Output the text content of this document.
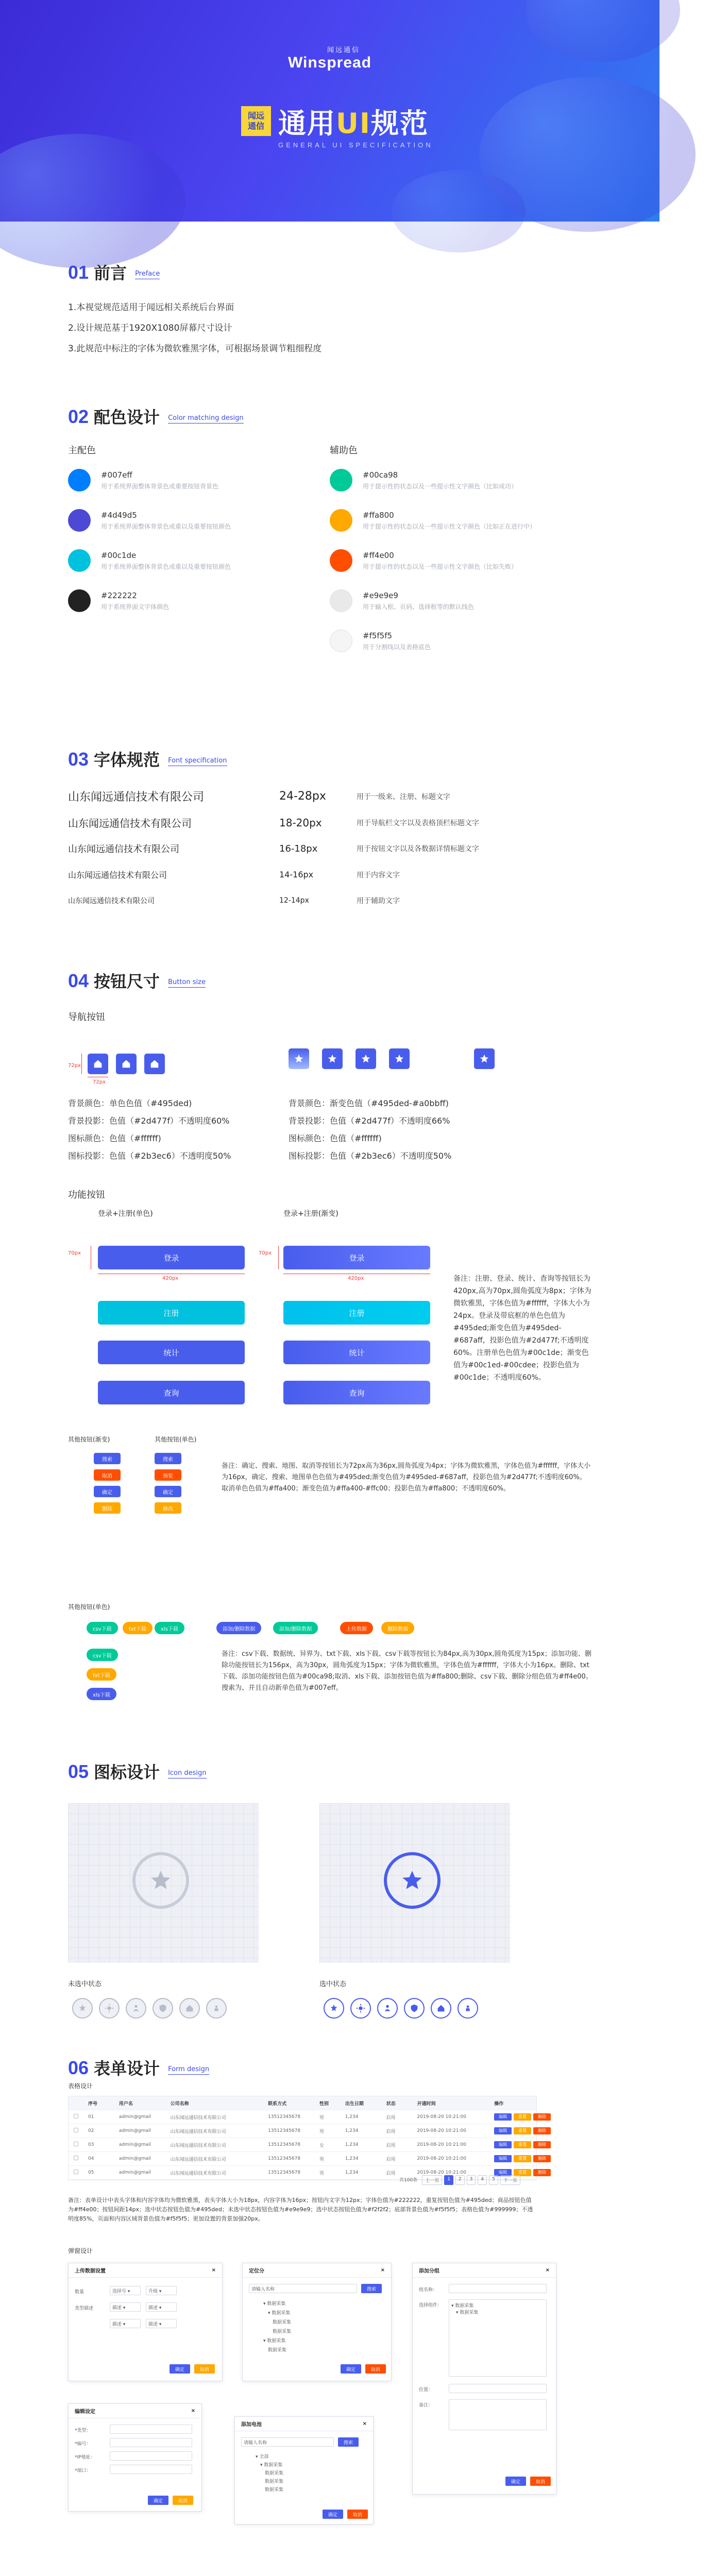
闻远通信
Winspread
闻远
通信 通用UI规范
GENERAL UI SPECIFICATION
01 前言 Preface
1.本视觉规范适用于闻远相关系统后台界面
2.设计规范基于1920X1080屏幕尺寸设计
3.此规范中标注的字体为微软雅黑字体，可根据场景调节粗细程度
02 配色设计 Color matching design
主配色	辅助色
#007eff
用于系统界面整体背景色或重要按钮背景色
#4d49d5
用于系统界面整体背景色或重以及重要按钮颜色
#00c1de
用于系统界面整体背景色或重以及重要按钮颜色
#222222
用于系统界面文字体颜色
#00ca98
用于提示性的状态以及一些提示性文字颜色（比如成功）
#ffa800
用于提示性的状态以及一些提示性文字颜色（比如正在进行中）
#ff4e00
用于提示性的状态以及一些提示性文字颜色（比如失败）
#e9e9e9
用于输入框、页码、选择框等的默认线色
#f5f5f5
用于分割线以及表格底色
03 字体规范 Font specification
山东闻远通信技术有限公司	24-28px	用于一级来、注册、标题文字
山东闻远通信技术有限公司	18-20px	用于导航栏文字以及表格顶栏标题文字
山东闻远通信技术有限公司	16-18px	用于按钮文字以及各数据详情标题文字
山东闻远通信技术有限公司	14-16px	用于内容文字
山东闻远通信技术有限公司	12-14px	用于辅助文字
04 按钮尺寸 Button size
导航按钮
72px
72px
背景颜色：单色色值（#495ded)
背景投影：色值（#2d477f）不透明度60%
图标颜色：色值（#ffffff)
图标投影：色值（#2b3ec6）不透明度50%
背景颜色：渐变色值（#495ded-#a0bbff)
背景投影：色值（#2d477f）不透明度66%
图标颜色：色值（#ffffff)
图标投影：色值（#2b3ec6）不透明度50%
功能按钮
登录+注册(单色)	登录+注册(渐变)
70px	70px
420px	420px
登录
注册
统计
查询
登录
注册
统计
查询
备注：注册、登录、统计、查询等按钮长为420px,高为70px,圆角弧度为8px；字体为微软雅黑，字体色值为#ffffff，字体大小为24px。登录及带底框的单色色值为#495ded;渐变色值为#495ded-#687aff，投影色值为#2d477f;不透明度60%。注册单色色值为#00c1de；渐变色值为#00c1ed-#00cdee；投影色值为#00c1de；不透明度60%。
其他按钮(渐变)	其他按钮(单色)
搜索
取消
确定
删除
搜索
预览
确定
修改
备注：确定、搜索、地图、取消等按钮长为72px高为36px,圆角弧度为4px；字体为微软雅黑，字体色值为#ffffff，字体大小为16px，确定、搜索、地图单色色值为#495ded;渐变色值为#495ded-#687aff，投影色值为#2d477f;不透明度60%。取消单色色值为#ffa400；渐变色值为#ffa400-#ffc00；投影色值为#ffa800；不透明度60%。
其他按钮(单色)
csv下载	txt下载	xls下载	添加/删除数据	添加/删除数据	上传数据	删除数据
csv下载
txt下载
xls下载
备注：csv下载、数据统、异界为、txt下载、xls下载、csv下载等按钮长为84px,高为30px,圆角弧度为15px；添加功能、删除功能按钮长为156px，高为30px，圆角弧度为15px；字体为微软雅黑，字体色值为#ffffff，字体大小为16px。删除、txt下载、添加功能按钮色值为#00ca98;取消、xls下载、添加按钮色值为#ffa800;删除、csv下载、删除分组色值为#ff4e00。搜索为、并且自动新单色值为#007eff。
05 图标设计 Icon design
未选中状态	选中状态
06 表单设计 Form design
表格设计
序号	用户名	公司名称	联系方式	性别	出生日期	状态	开通时间	操作
01	admin@gmail	山东闻远通信技术有限公司	13512345678	男	1,234	启用	2019-08-20 10:21:00	编辑	重置	删除
02	admin@gmail	山东闻远通信技术有限公司	13512345678	男	1,234	启用	2019-08-20 10:21:00	编辑	重置	删除
03	admin@gmail	山东闻远通信技术有限公司	13512345678	女	1,234	启用	2019-08-20 10:21:00	编辑	重置	删除
04	admin@gmail	山东闻远通信技术有限公司	13512345678	男	1,234	启用	2019-08-20 10:21:00	编辑	重置	删除
05	admin@gmail	山东闻远通信技术有限公司	13512345678	男	1,234	启用	2019-08-20 10:21:00	编辑	重置	删除
共100条	上一页	1	2	3	4	5	下一页
备注：表单设计中表头字体和内容字体均为微软雅黑，表头字体大小为18px，内容字体为16px；按钮内文字为12px；字体色值为#222222，重复按钮色值为#495ded；商品按钮色值为#ff4e00；按钮间距14px；选中状态按钮色值为#495ded；未选中状态按钮色值为#e9e9e9；选中状态按钮色值为#f2f2f2；底部背景色值为#f5f5f5；表格色值为#999999；不透明度85%，页面和内容区域背景色值为#f5f5f5；更加设置的背景加强20px。
弹窗设计
上传数据设置	×
数量	选择号 ▾	升级 ▾
类型描述	描述 ▾	描述 ▾
描述 ▾	描述 ▾
确定	取消
定位分	×
请输入名称	搜索
▾ 数据采集
　▾ 数据采集
　　数据采集
　　数据采集
▾ 数据采集
　数据采集
确定	取消
添加分组	×
组名称：
选择组件：	▾ 数据采集
　▾ 数据采集
位置：
备注：
确定	取消
编辑设定	×
*类型：
*编号：
*IP地址：
*端口：
确定	取消
添加电池	×
请输入名称	搜索
▾ 全部
　▾ 数据采集
　　数据采集
　　数据采集
　　数据采集
确定	取消
